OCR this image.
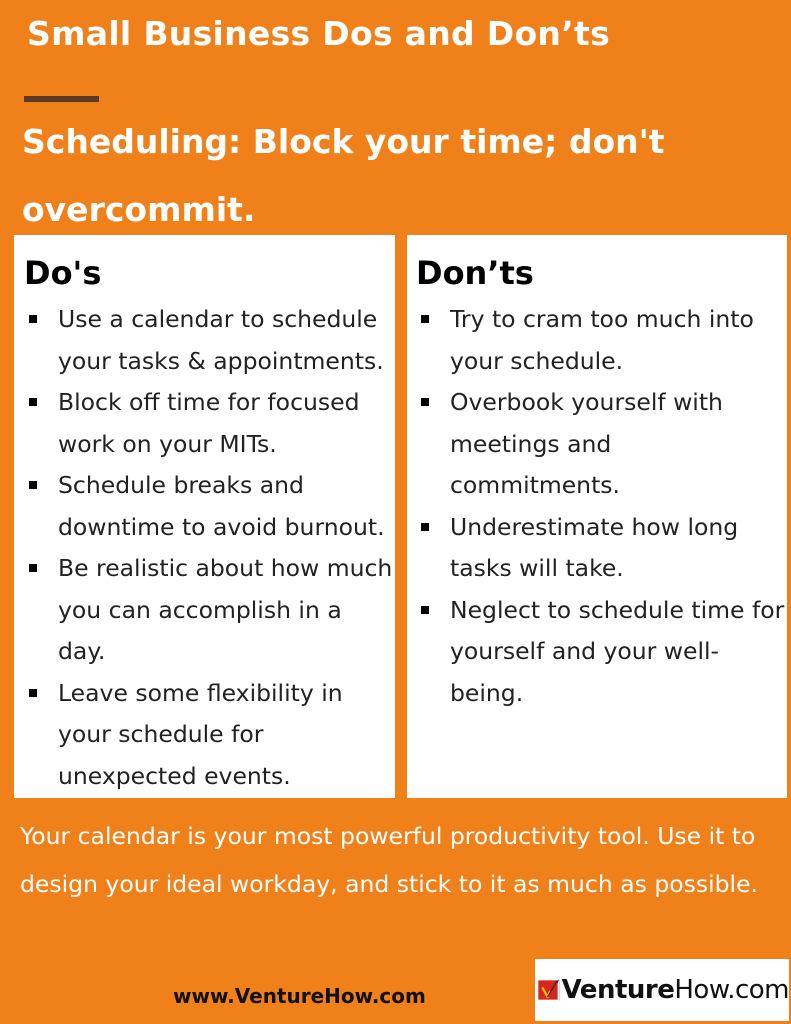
Small Business Dos and Don’ts
Scheduling: Block your time; don't overcommit.
Do's
Use a calendar to schedule your tasks & appointments.
Block off time for focused work on your MITs.
Schedule breaks and downtime to avoid burnout.
Be realistic about how much you can accomplish in a day.
Leave some flexibility in your schedule for unexpected events.
Don’ts
Try to cram too much into your schedule.
Overbook yourself with meetings and commitments.
Underestimate how long tasks will take.
Neglect to schedule time for yourself and your well-being.
Your calendar is your most powerful productivity tool. Use it to design your ideal workday, and stick to it as much as possible.
www.VentureHow.com	VentureHow.com
